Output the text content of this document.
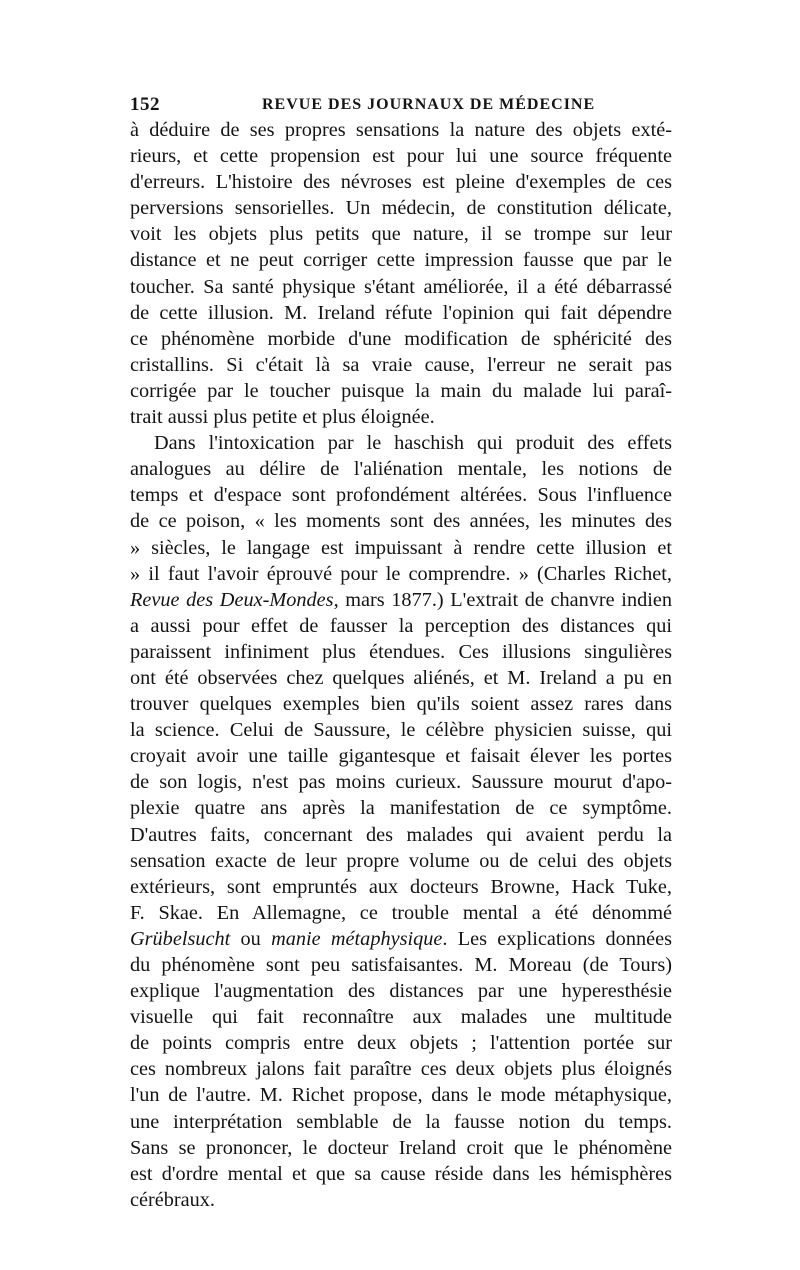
152	REVUE DES JOURNAUX DE MÉDECINE
à déduire de ses propres sensations la nature des objets exté-
rieurs, et cette propension est pour lui une source fréquente
d'erreurs. L'histoire des névroses est pleine d'exemples de ces
perversions sensorielles. Un médecin, de constitution délicate,
voit les objets plus petits que nature, il se trompe sur leur
distance et ne peut corriger cette impression fausse que par le
toucher. Sa santé physique s'étant améliorée, il a été débarrassé
de cette illusion. M. Ireland réfute l'opinion qui fait dépendre
ce phénomène morbide d'une modification de sphéricité des
cristallins. Si c'était là sa vraie cause, l'erreur ne serait pas
corrigée par le toucher puisque la main du malade lui paraî-
trait aussi plus petite et plus éloignée.
Dans l'intoxication par le haschish qui produit des effets
analogues au délire de l'aliénation mentale, les notions de
temps et d'espace sont profondément altérées. Sous l'influence
de ce poison, « les moments sont des années, les minutes des
» siècles, le langage est impuissant à rendre cette illusion et
» il faut l'avoir éprouvé pour le comprendre. » (Charles Richet,
Revue des Deux-Mondes, mars 1877.) L'extrait de chanvre indien
a aussi pour effet de fausser la perception des distances qui
paraissent infiniment plus étendues. Ces illusions singulières
ont été observées chez quelques aliénés, et M. Ireland a pu en
trouver quelques exemples bien qu'ils soient assez rares dans
la science. Celui de Saussure, le célèbre physicien suisse, qui
croyait avoir une taille gigantesque et faisait élever les portes
de son logis, n'est pas moins curieux. Saussure mourut d'apo-
plexie quatre ans après la manifestation de ce symptôme.
D'autres faits, concernant des malades qui avaient perdu la
sensation exacte de leur propre volume ou de celui des objets
extérieurs, sont empruntés aux docteurs Browne, Hack Tuke,
F. Skae. En Allemagne, ce trouble mental a été dénommé
Grübelsucht ou manie métaphysique. Les explications données
du phénomène sont peu satisfaisantes. M. Moreau (de Tours)
explique l'augmentation des distances par une hyperesthésie
visuelle qui fait reconnaître aux malades une multitude
de points compris entre deux objets ; l'attention portée sur
ces nombreux jalons fait paraître ces deux objets plus éloignés
l'un de l'autre. M. Richet propose, dans le mode métaphysique,
une interprétation semblable de la fausse notion du temps.
Sans se prononcer, le docteur Ireland croit que le phénomène
est d'ordre mental et que sa cause réside dans les hémisphères
cérébraux.
